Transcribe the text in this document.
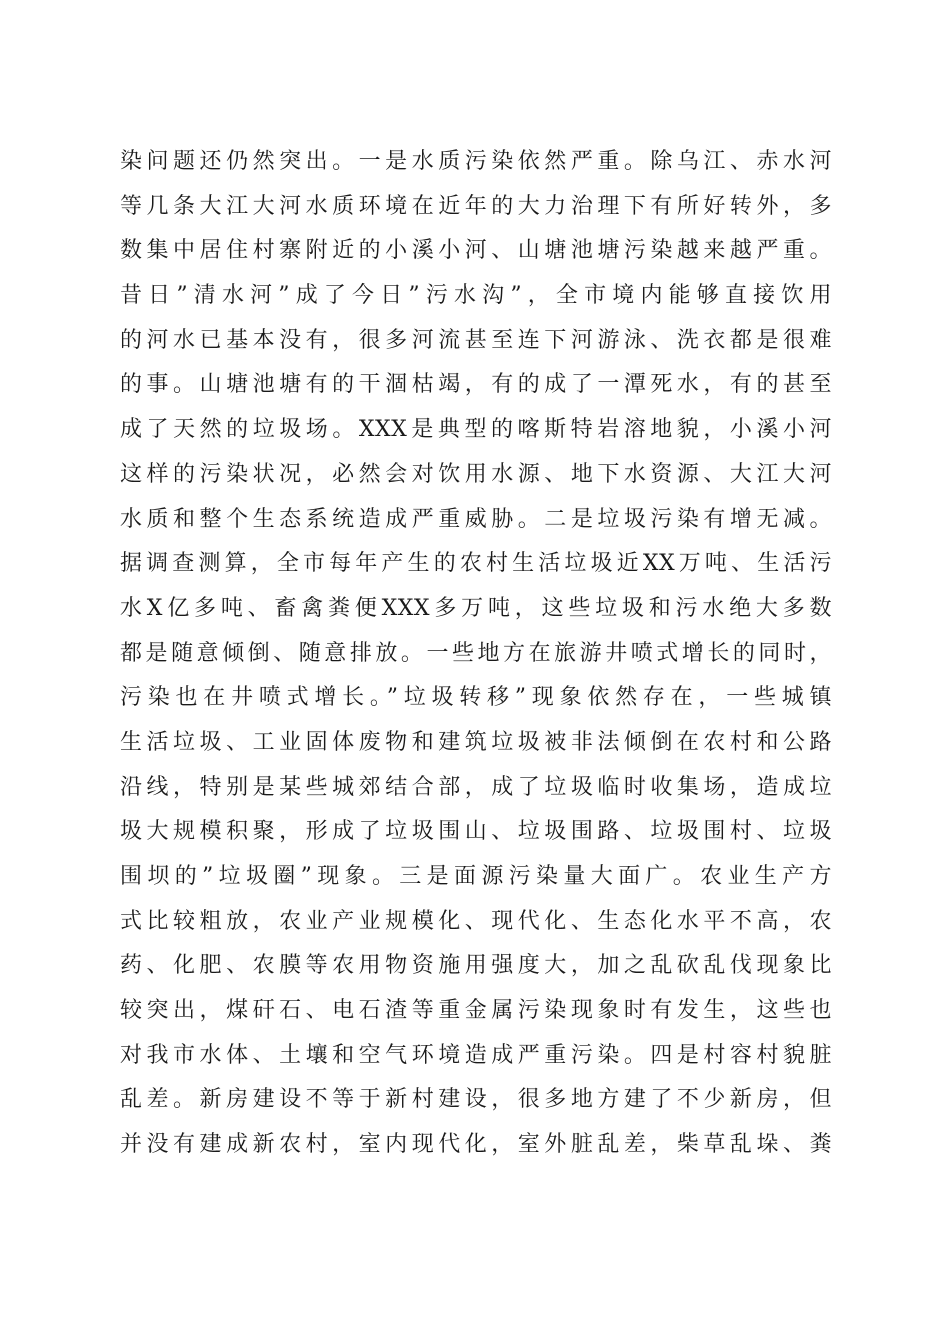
染问题还仍然突出。一是水质污染依然严重。除乌江、赤水河
等几条大江大河水质环境在近年的大力治理下有所好转外，多
数集中居住村寨附近的小溪小河、山塘池塘污染越来越严重。
昔日”清水河”成了今日”污水沟”，全市境内能够直接饮用
的河水已基本没有，很多河流甚至连下河游泳、洗衣都是很难
的事。山塘池塘有的干涸枯竭，有的成了一潭死水，有的甚至
成了天然的垃圾场。XXX是典型的喀斯特岩溶地貌，小溪小河
这样的污染状况，必然会对饮用水源、地下水资源、大江大河
水质和整个生态系统造成严重威胁。二是垃圾污染有增无减。
据调查测算，全市每年产生的农村生活垃圾近XX万吨、生活污
水X亿多吨、畜禽粪便XXX多万吨，这些垃圾和污水绝大多数
都是随意倾倒、随意排放。一些地方在旅游井喷式增长的同时，
污染也在井喷式增长。”垃圾转移”现象依然存在，一些城镇
生活垃圾、工业固体废物和建筑垃圾被非法倾倒在农村和公路
沿线，特别是某些城郊结合部，成了垃圾临时收集场，造成垃
圾大规模积聚，形成了垃圾围山、垃圾围路、垃圾围村、垃圾
围坝的”垃圾圈”现象。三是面源污染量大面广。农业生产方
式比较粗放，农业产业规模化、现代化、生态化水平不高，农
药、化肥、农膜等农用物资施用强度大，加之乱砍乱伐现象比
较突出，煤矸石、电石渣等重金属污染现象时有发生，这些也
对我市水体、土壤和空气环境造成严重污染。四是村容村貌脏
乱差。新房建设不等于新村建设，很多地方建了不少新房，但
并没有建成新农村，室内现代化，室外脏乱差，柴草乱垛、粪
